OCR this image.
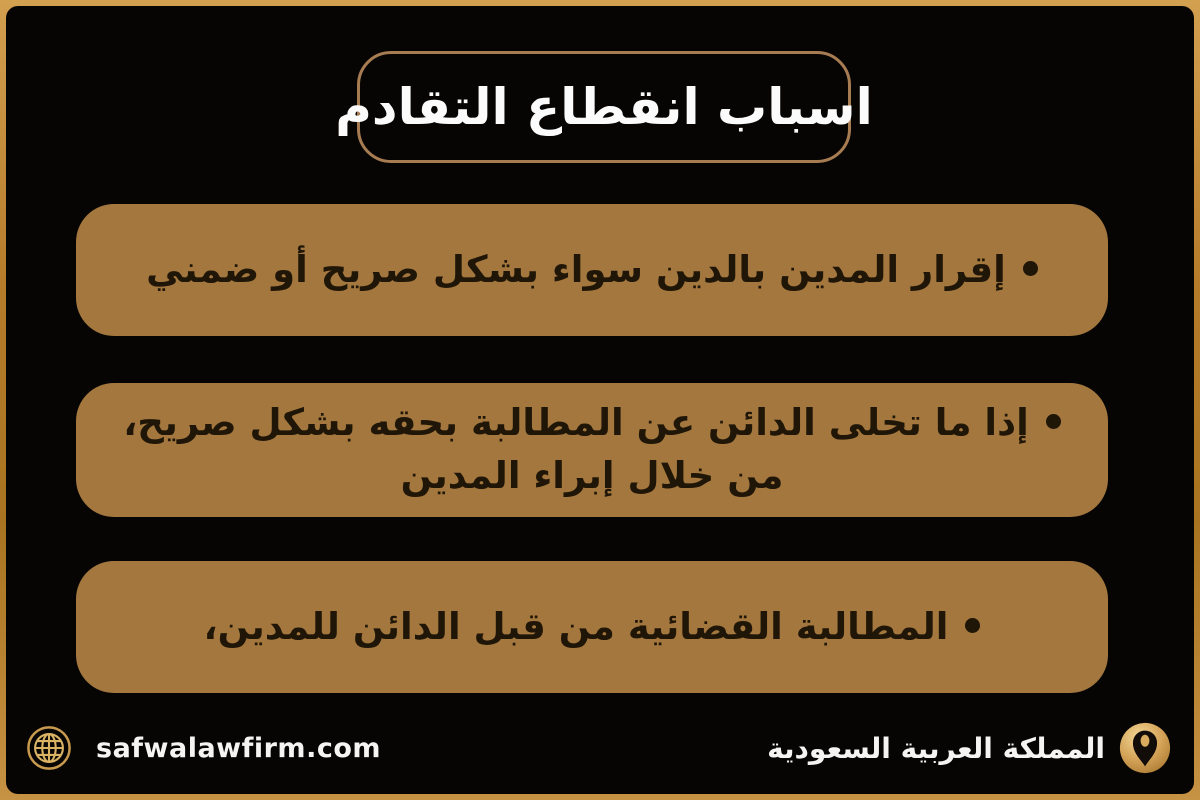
اسباب انقطاع التقادم

إقرار المدين بالدين سواء بشكل صريح أو ضمني

إذا ما تخلى الدائن عن المطالبة بحقه بشكل صريح،

من خلال إبراء المدين

المطالبة القضائية من قبل الدائن للمدين،

safwalawfirm.com	المملكة العربية السعودية
